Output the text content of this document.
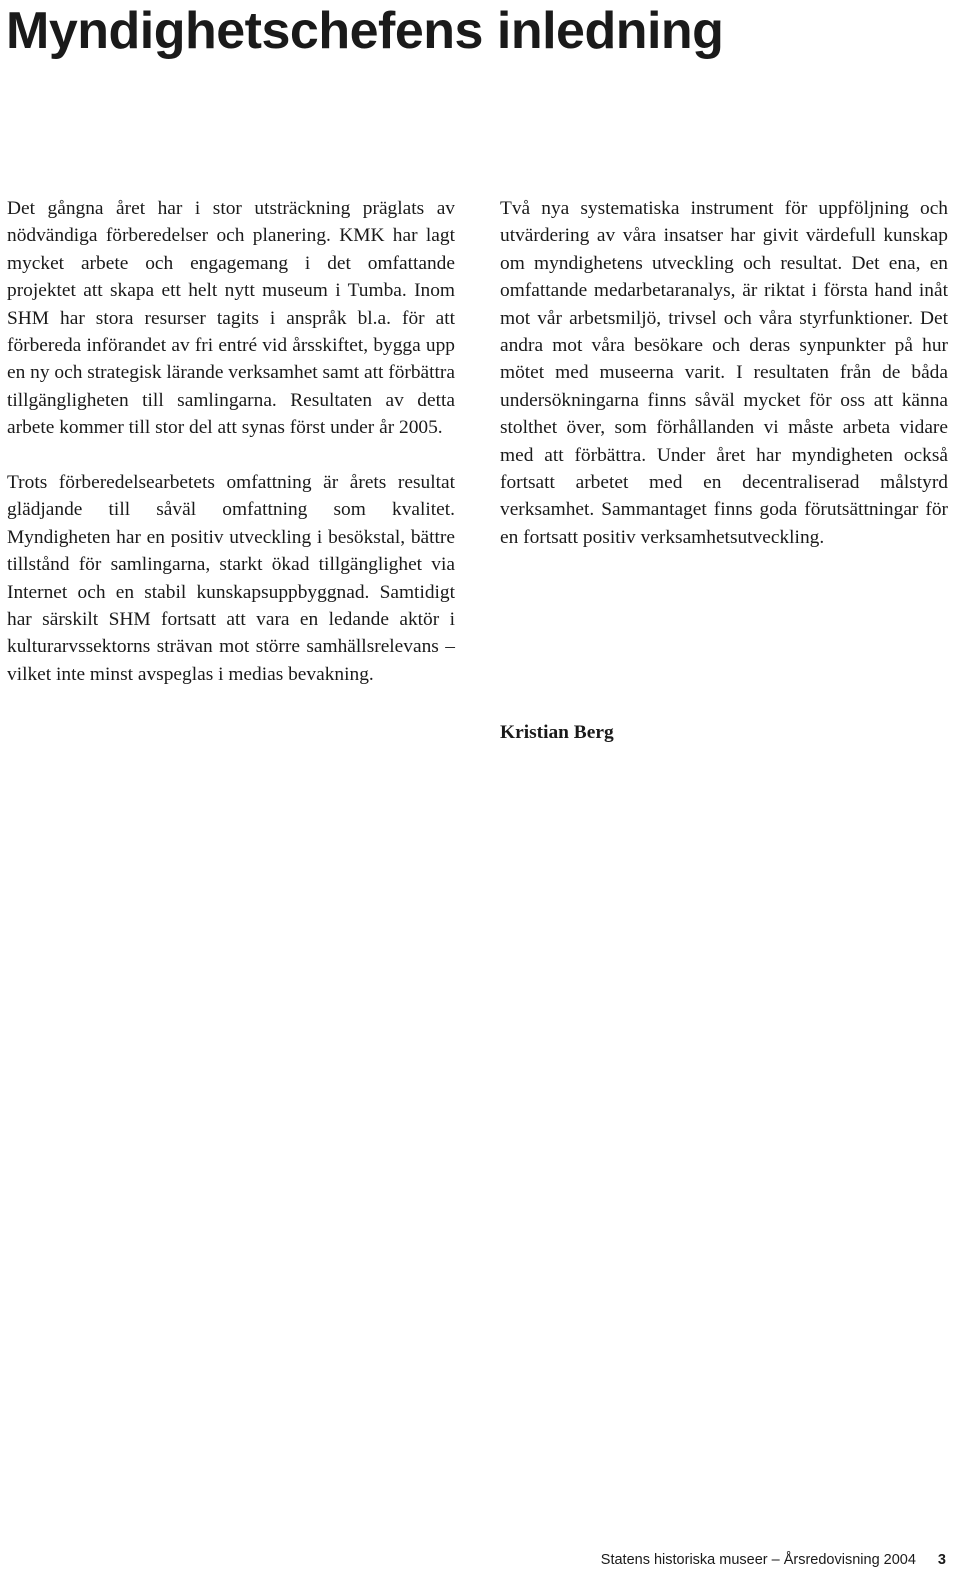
Myndighetschefens inledning

Det gångna året har i stor utsträckning präglats av nödvändiga förberedelser och planering. KMK har lagt mycket arbete och engagemang i det omfattande projektet att skapa ett helt nytt museum i Tumba. Inom SHM har stora resurser tagits i anspråk bl.a. för att förbereda införandet av fri entré vid årsskiftet, bygga upp en ny och strategisk lärande verksamhet samt att förbättra tillgängligheten till samlingarna. Resultaten av detta arbete kommer till stor del att synas först under år 2005.

Trots förberedelsearbetets omfattning är årets resultat glädjande till såväl omfattning som kvalitet. Myndigheten har en positiv utveckling i besökstal, bättre tillstånd för samlingarna, starkt ökad tillgänglighet via Internet och en stabil kunskapsuppbyggnad. Samtidigt har särskilt SHM fortsatt att vara en ledande aktör i kulturarvssektorns strävan mot större samhällsrelevans – vilket inte minst avspeglas i medias bevakning.

Två nya systematiska instrument för uppföljning och utvärdering av våra insatser har givit värdefull kunskap om myndighetens utveckling och resultat. Det ena, en omfattande medarbetaranalys, är riktat i första hand inåt mot vår arbetsmiljö, trivsel och våra styrfunktioner. Det andra mot våra besökare och deras synpunkter på hur mötet med museerna varit. I resultaten från de båda undersökningarna finns såväl mycket för oss att känna stolthet över, som förhållanden vi måste arbeta vidare med att förbättra. Under året har myndigheten också fortsatt arbetet med en decentraliserad målstyrd verksamhet. Sammantaget finns goda förutsättningar för en fortsatt positiv verksamhetsutveckling.

Kristian Berg

Statens historiska museer – Årsredovisning 2004 3
